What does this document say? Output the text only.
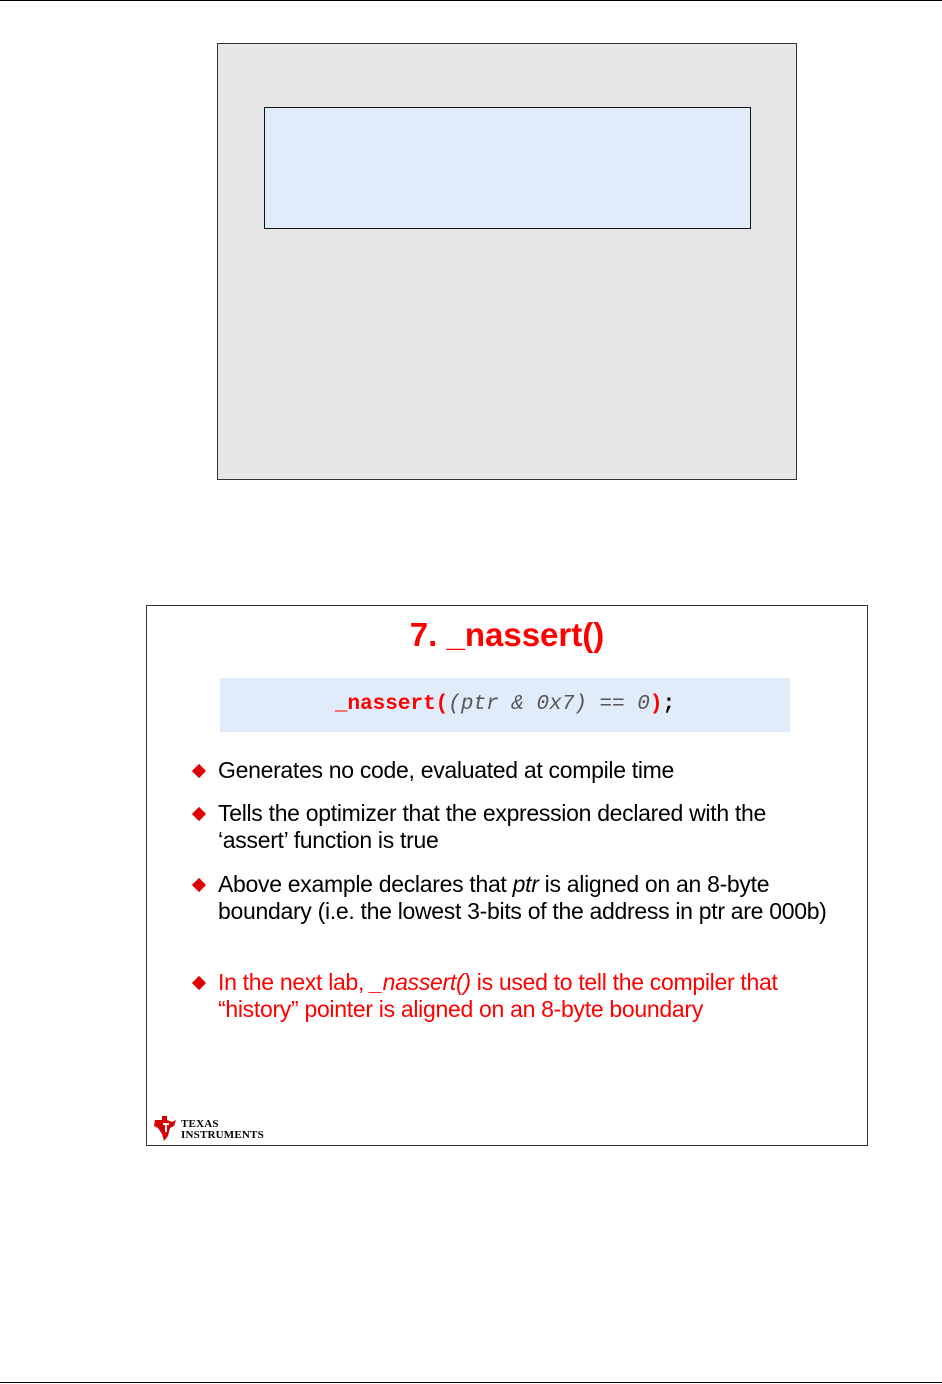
7. _nassert()
_nassert((ptr & 0x7) == 0);
Generates no code, evaluated at compile time
Tells the optimizer that the expression declared with the ‘assert’ function is true
Above example declares that ptr is aligned on an 8-byte boundary (i.e. the lowest 3-bits of the address in ptr are 000b)
In the next lab, _nassert() is used to tell the compiler that “history” pointer is aligned on an 8-byte boundary
TEXAS
INSTRUMENTS
